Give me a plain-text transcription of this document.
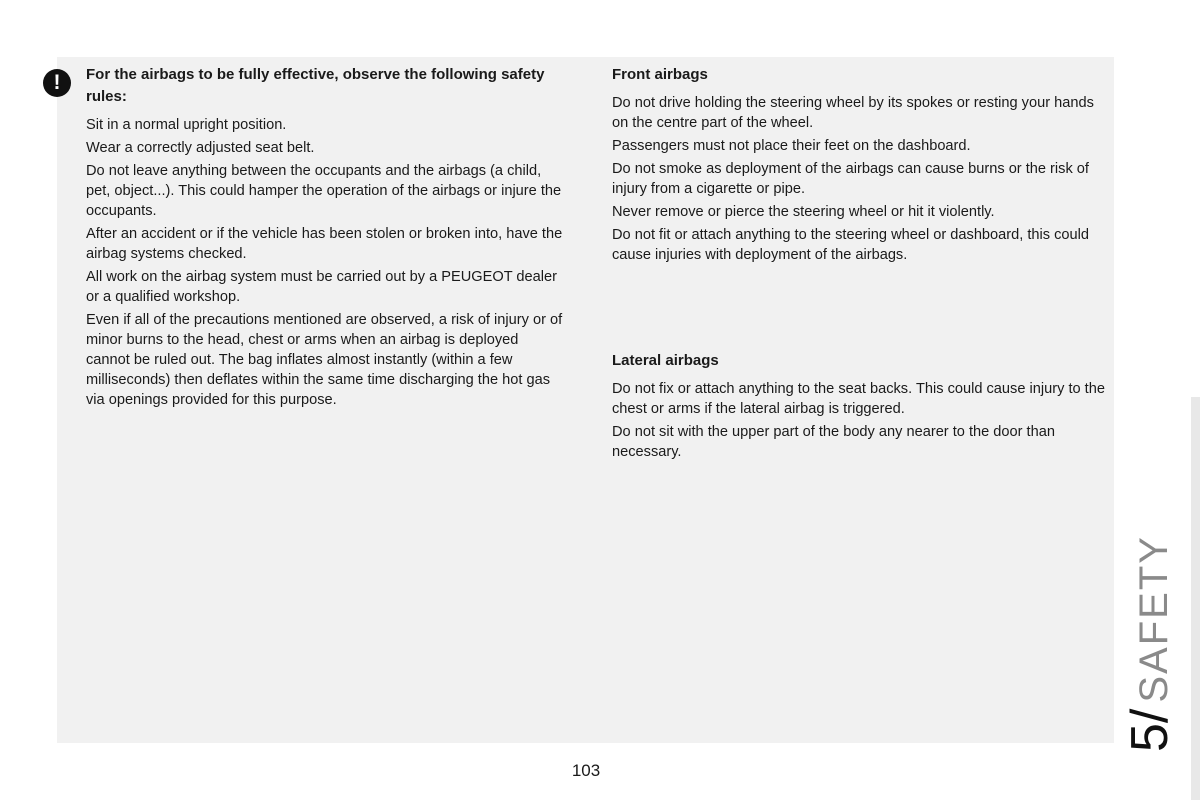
!	For the airbags to be fully effective, observe the following safety rules:

Sit in a normal upright position.

Wear a correctly adjusted seat belt.

Do not leave anything between the occupants and the airbags (a child, pet, object...). This could hamper the operation of the airbags or injure the occupants.

After an accident or if the vehicle has been stolen or broken into, have the airbag systems checked.

All work on the airbag system must be carried out by a PEUGEOT dealer or a qualified workshop.

Even if all of the precautions mentioned are observed, a risk of injury or of minor burns to the head, chest or arms when an airbag is deployed cannot be ruled out. The bag inflates almost instantly (within a few milliseconds) then deflates within the same time discharging the hot gas via openings provided for this purpose.

Front airbags

Do not drive holding the steering wheel by its spokes or resting your hands on the centre part of the wheel.

Passengers must not place their feet on the dashboard.

Do not smoke as deployment of the airbags can cause burns or the risk of injury from a cigarette or pipe.

Never remove or pierce the steering wheel or hit it violently.

Do not fit or attach anything to the steering wheel or dashboard, this could cause injuries with deployment of the airbags.

Lateral airbags

Do not fix or attach anything to the seat backs. This could cause injury to the chest or arms if the lateral airbag is triggered.

Do not sit with the upper part of the body any nearer to the door than necessary.

5/SAFETY
103
